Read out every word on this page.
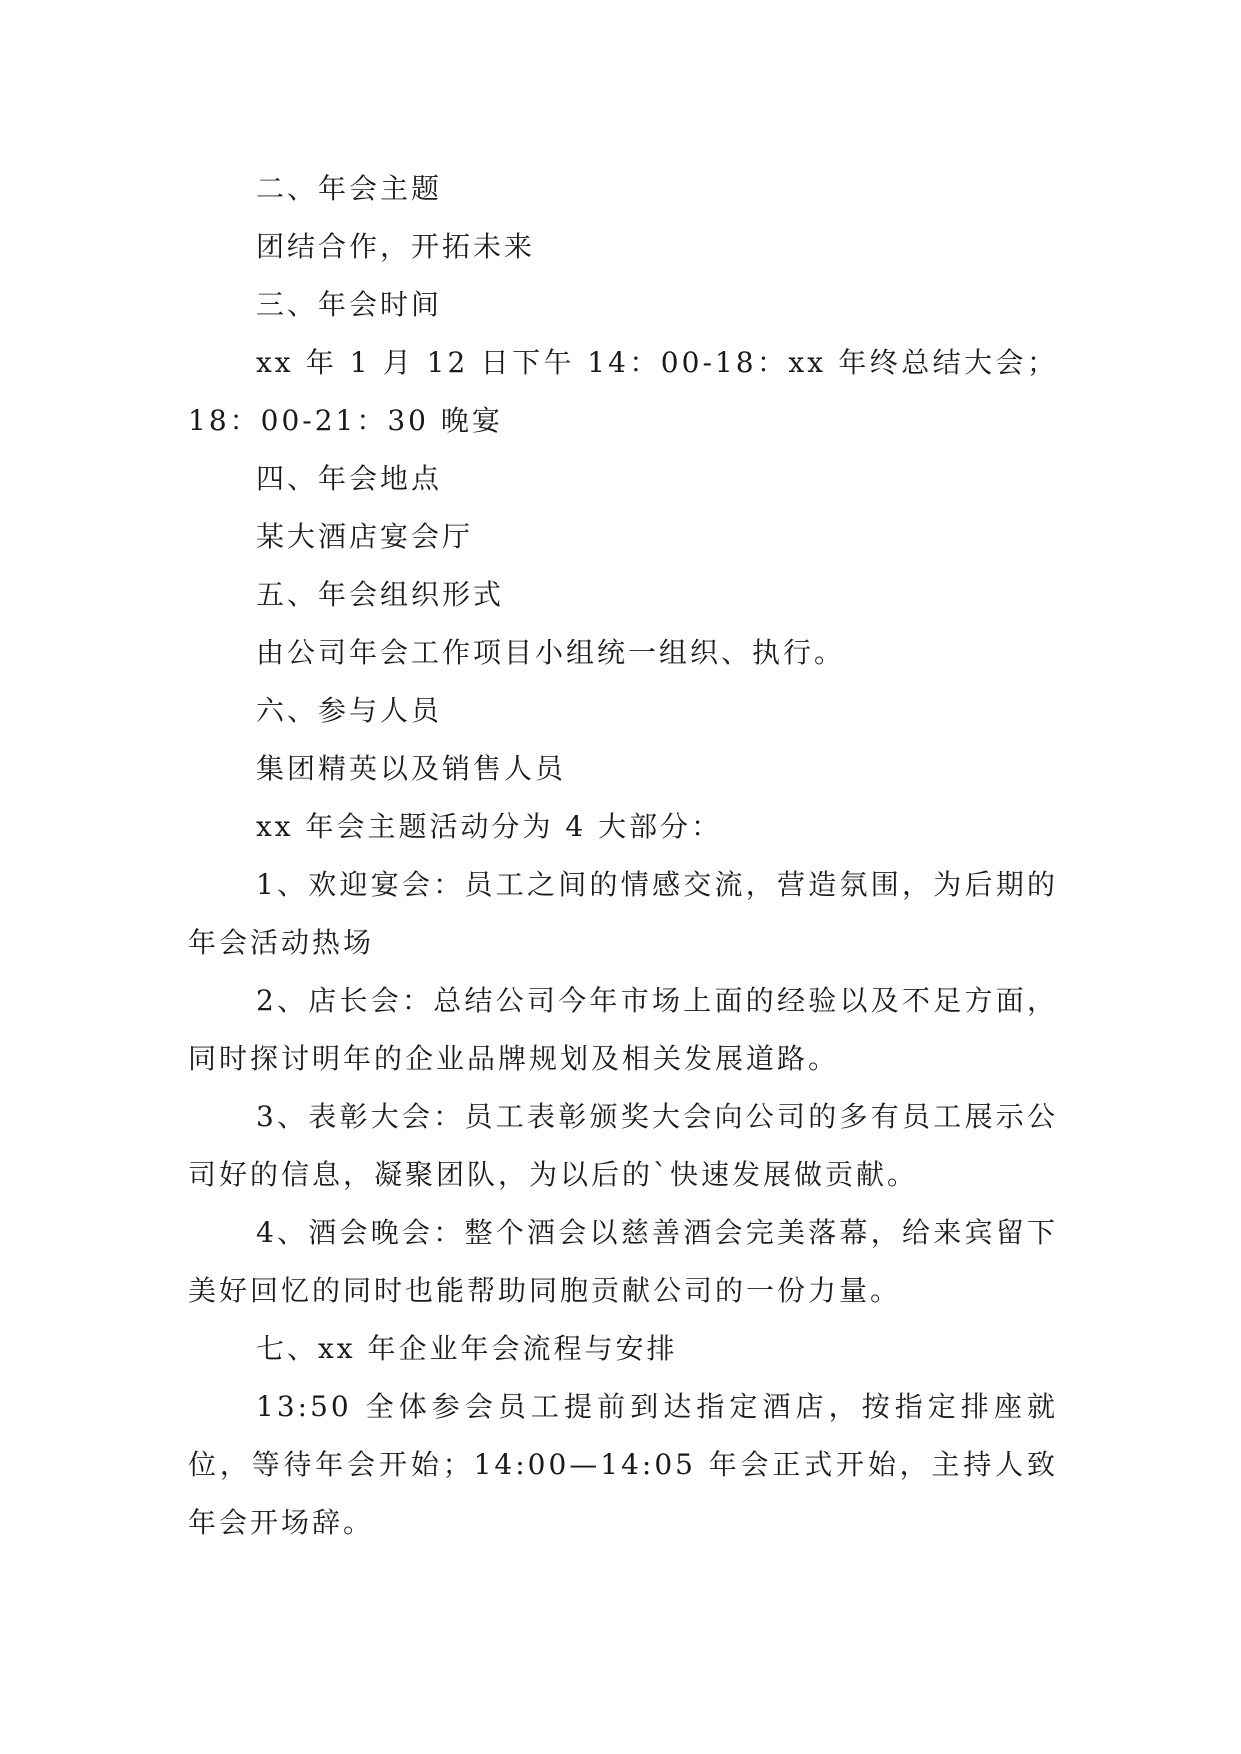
二、年会主题

团结合作，开拓未来

三、年会时间

xx 年 1 月 12 日下午 14：00-18：xx 年终总结大会；18：00-21：30 晚宴

四、年会地点

某大酒店宴会厅

五、年会组织形式

由公司年会工作项目小组统一组织、执行。

六、参与人员

集团精英以及销售人员

xx 年会主题活动分为 4 大部分：

1、欢迎宴会：员工之间的情感交流，营造氛围，为后期的年会活动热场

2、店长会：总结公司今年市场上面的经验以及不足方面，同时探讨明年的企业品牌规划及相关发展道路。

3、表彰大会：员工表彰颁奖大会向公司的多有员工展示公司好的信息，凝聚团队，为以后的`快速发展做贡献。

4、酒会晚会：整个酒会以慈善酒会完美落幕，给来宾留下美好回忆的同时也能帮助同胞贡献公司的一份力量。

七、xx 年企业年会流程与安排

13:50 全体参会员工提前到达指定酒店，按指定排座就位，等待年会开始；14:00—14:05 年会正式开始，主持人致年会开场辞。
